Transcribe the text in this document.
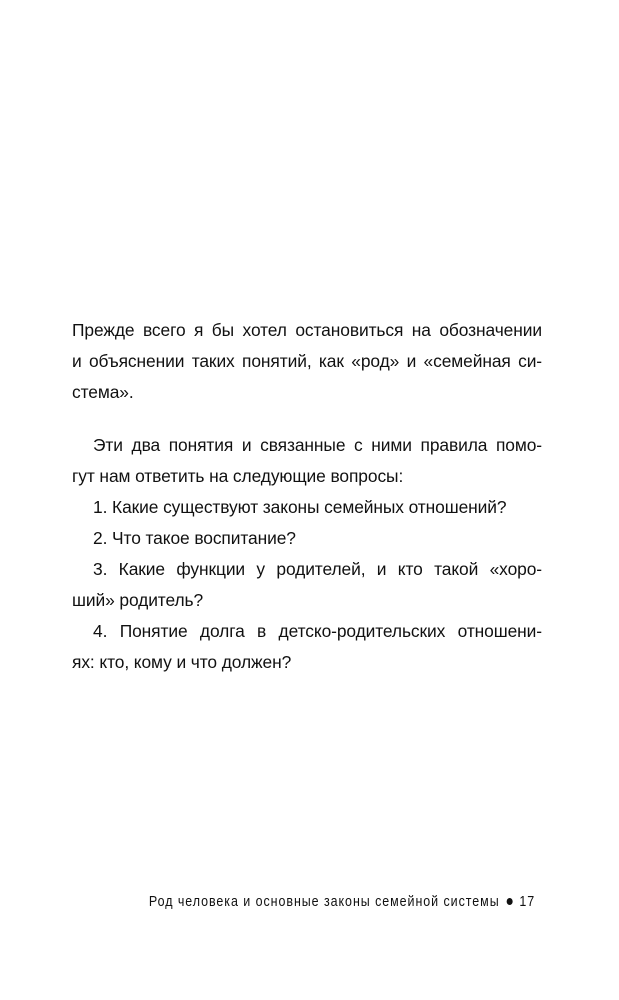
Прежде всего я бы хотел остановиться на обозначении
и объяснении таких понятий, как «род» и «семейная си-
стема».
Эти два понятия и связанные с ними правила помо-
гут нам ответить на следующие вопросы:
1. Какие существуют законы семейных отношений?
2. Что такое воспитание?
3. Какие функции у родителей, и кто такой «хоро-
ший» родитель?
4. Понятие долга в детско-родительских отношени-
ях: кто, кому и что должен?
Род человека и основные законы семейной системы 17
